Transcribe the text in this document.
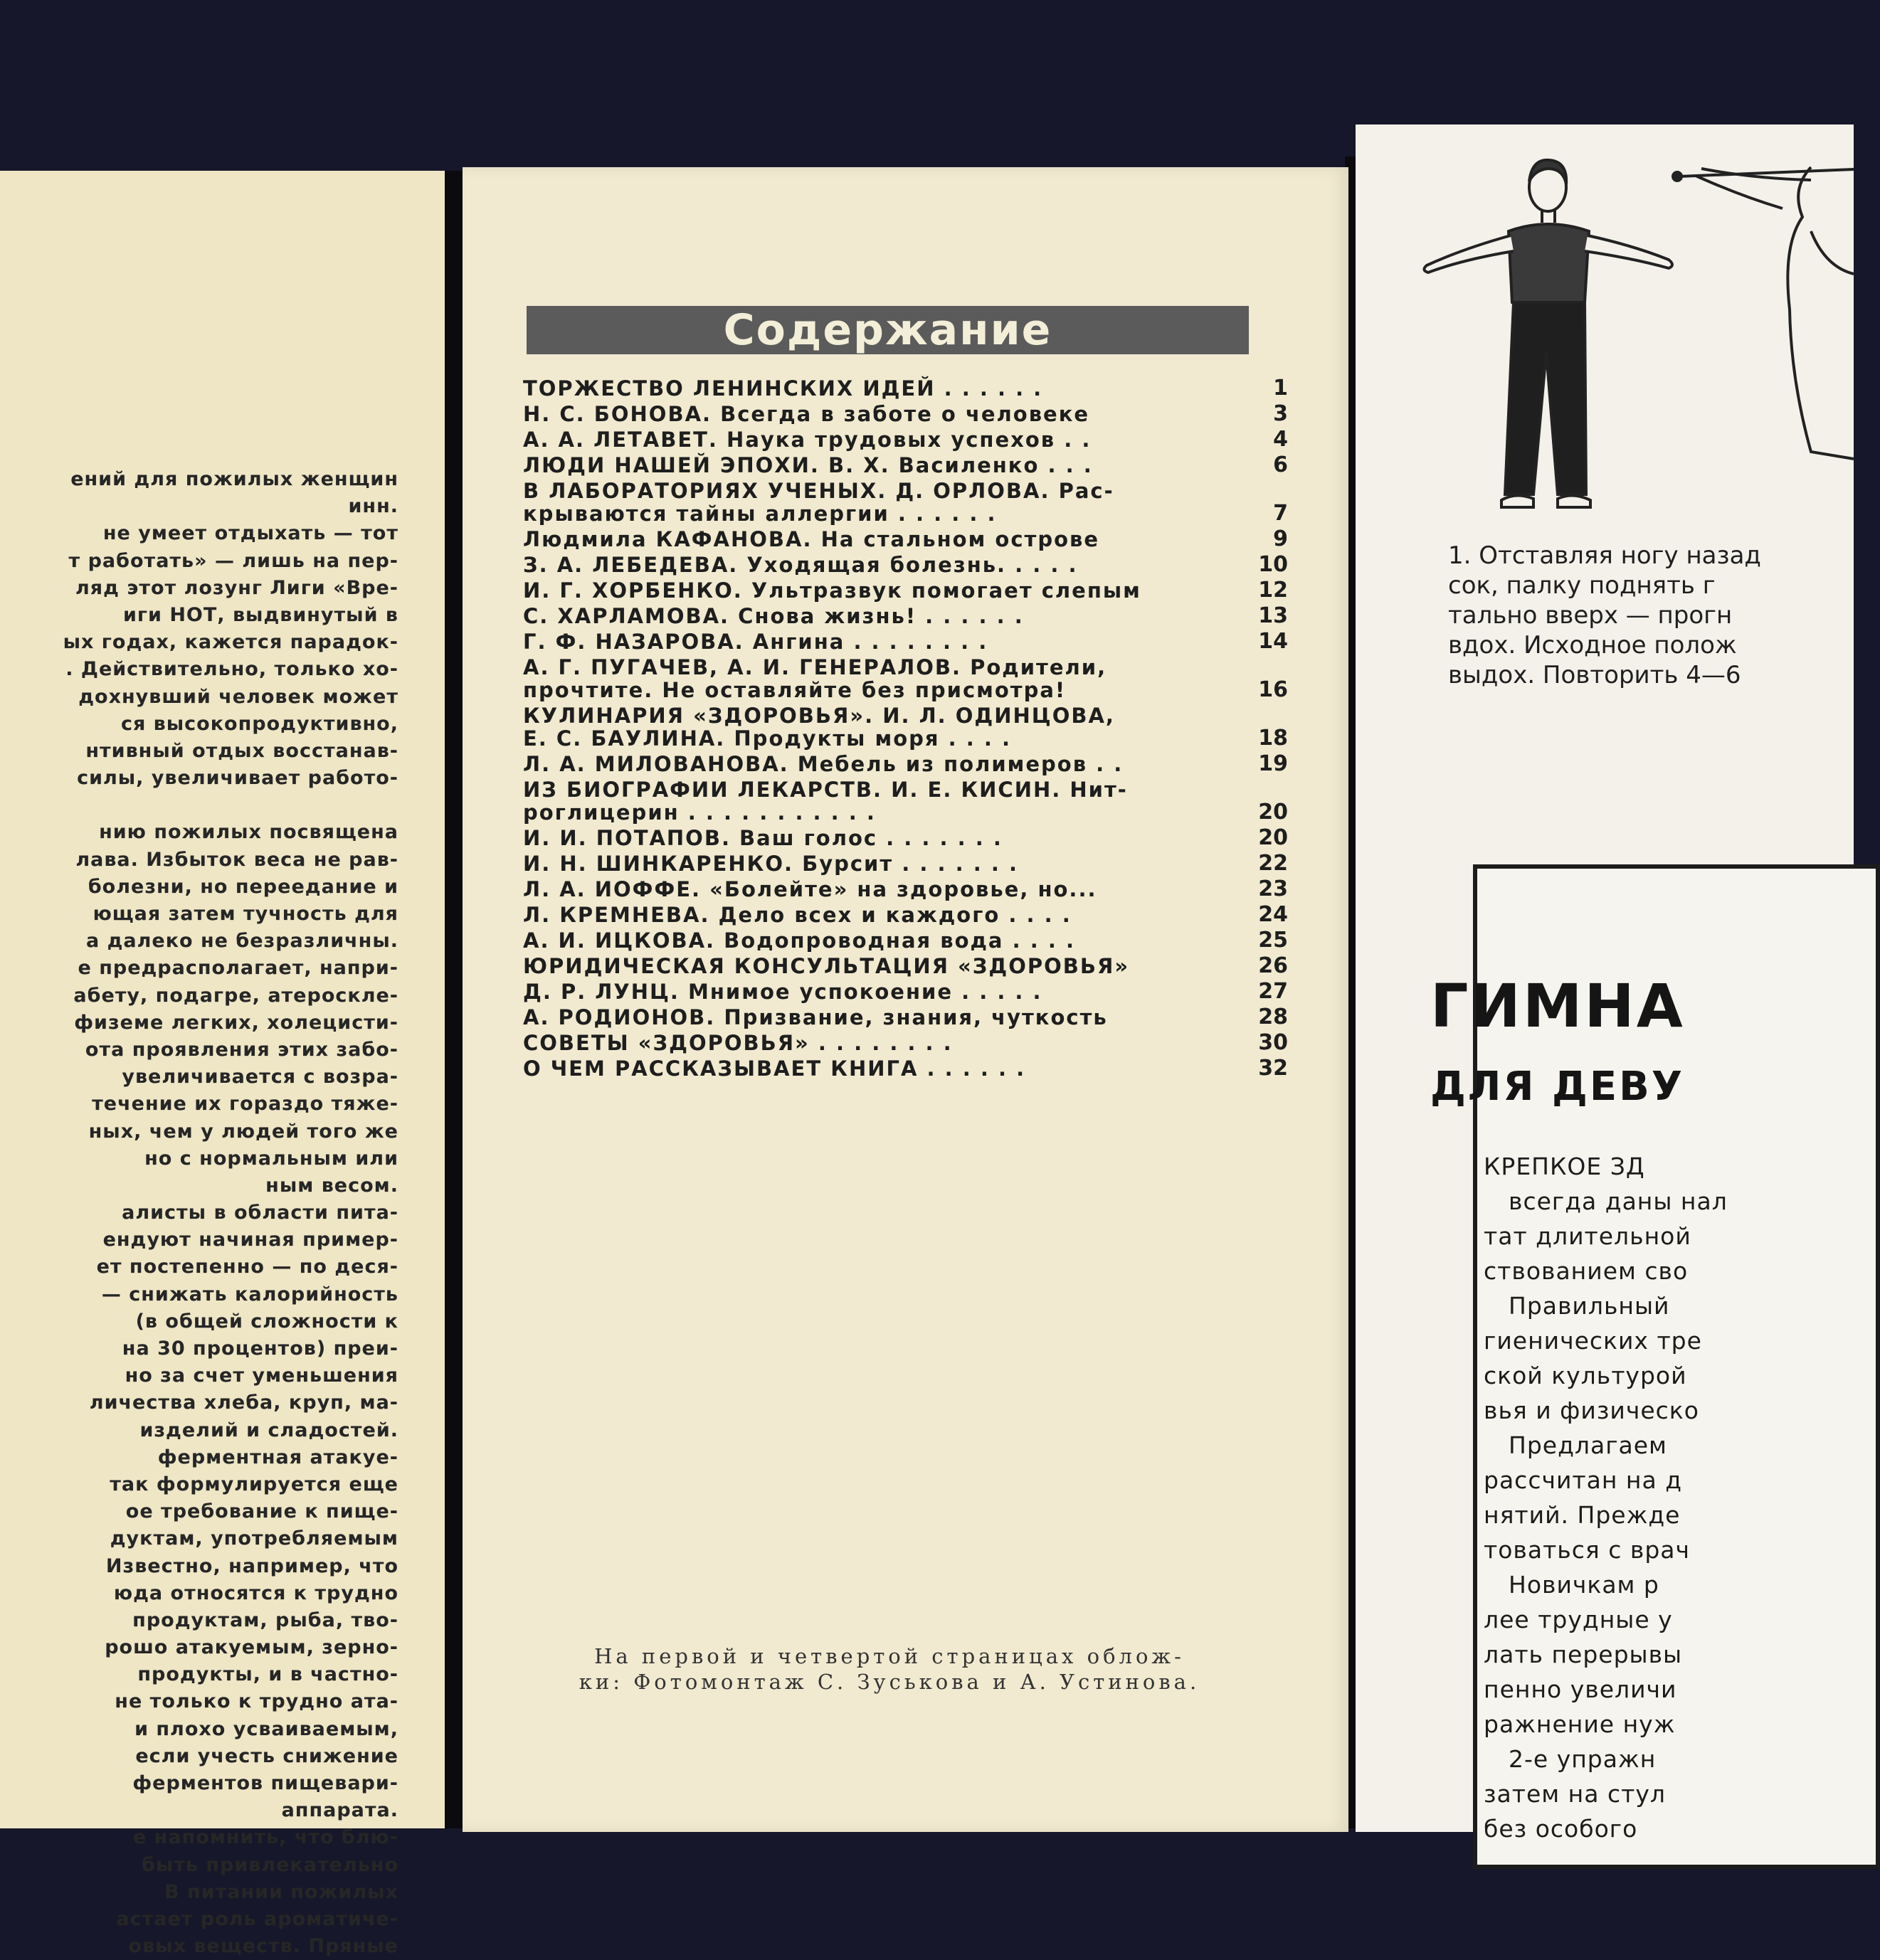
ений для пожилых женщин
инн.
не умеет отдыхать — тот
т работать» — лишь на пер-
ляд этот лозунг Лиги «Вре-
иги НОТ, выдвинутый в
ых годах, кажется парадок-
. Действительно, только хо-
дохнувший человек может
ся высокопродуктивно,
нтивный отдых восстанав-
силы, увеличивает работо-
нию пожилых посвящена
лава. Избыток веса не рав-
болезни, но переедание и
ющая затем тучность для
а далеко не безразличны.
е предрасполагает, напри-
абету, подагре, атероскле-
физеме легких, холецисти-
ота проявления этих забо-
увеличивается с возра-
течение их гораздо тяже-
ных, чем у людей того же
но с нормальным или
ным весом.
алисты в области пита-
ендуют начиная пример-
ет постепенно — по деся-
— снижать калорийность
(в общей сложности к
на 30 процентов) преи-
но за счет уменьшения
личества хлеба, круп, ма-
изделий и сладостей.
ферментная атакуе-
так формулируется еще
ое требование к пище-
дуктам, употребляемым
Известно, например, что
юда относятся к трудно
продуктам, рыба, тво-
рошо атакуемым, зерно-
продукты, и в частно-
не только к трудно ата-
и плохо усваиваемым,
если учесть снижение
ферментов пищевари-
аппарата.
е напомнить, что блю-
быть привлекательно
В питании пожилых
астает роль ароматиче-
овых веществ. Пряные
Содержание
ТОРЖЕСТВО ЛЕНИНСКИХ ИДЕЙ . . . . . .	1
Н. С. БОНОВА. Всегда в заботе о человеке	3
А. А. ЛЕТАВЕТ. Наука трудовых успехов . .	4
ЛЮДИ НАШЕЙ ЭПОХИ. В. Х. Василенко . . .	6
В ЛАБОРАТОРИЯХ УЧЕНЫХ. Д. ОРЛОВА. Рас-
крываются тайны аллергии . . . . . .	7
Людмила КАФАНОВА. На стальном острове	9
З. А. ЛЕБЕДЕВА. Уходящая болезнь. . . . .	10
И. Г. ХОРБЕНКО. Ультразвук помогает слепым	12
С. ХАРЛАМОВА. Снова жизнь! . . . . . .	13
Г. Ф. НАЗАРОВА. Ангина . . . . . . . .	14
А. Г. ПУГАЧЕВ, А. И. ГЕНЕРАЛОВ. Родители,
прочтите. Не оставляйте без присмотра!	16
КУЛИНАРИЯ «ЗДОРОВЬЯ». И. Л. ОДИНЦОВА,
Е. С. БАУЛИНА. Продукты моря . . . .	18
Л. А. МИЛОВАНОВА. Мебель из полимеров . .	19
ИЗ БИОГРАФИИ ЛЕКАРСТВ. И. Е. КИСИН. Нит-
роглицерин . . . . . . . . . . .	20
И. И. ПОТАПОВ. Ваш голос . . . . . . .	20
И. Н. ШИНКАРЕНКО. Бурсит . . . . . . .	22
Л. А. ИОФФЕ. «Болейте» на здоровье, но...	23
Л. КРЕМНЕВА. Дело всех и каждого . . . .	24
А. И. ИЦКОВА. Водопроводная вода . . . .	25
ЮРИДИЧЕСКАЯ КОНСУЛЬТАЦИЯ «ЗДОРОВЬЯ»	26
Д. Р. ЛУНЦ. Мнимое успокоение . . . . .	27
А. РОДИОНОВ. Призвание, знания, чуткость	28
СОВЕТЫ «ЗДОРОВЬЯ» . . . . . . . .	30
О ЧЕМ РАССКАЗЫВАЕТ КНИГА . . . . . .	32
На первой и четвертой страницах облож-
ки: Фотомонтаж С. Зуськова и А. Устинова.
1. Отставляя ногу назад
сок, палку поднять г
тально вверх — прогн
вдох. Исходное полож
выдох. Повторить 4—6
ГИМНА
ДЛЯ ДЕВУ
КРЕПКОЕ ЗД
всегда даны нал
тат длительной
ствованием сво
Правильный
гиенических тре
ской культурой
вья и физическо
Предлагаем
рассчитан на д
нятий. Прежде
товаться с врач
Новичкам р
лее трудные у
лать перерывы
пенно увеличи
ражнение нуж
2-е упражн
затем на стул
без особого
